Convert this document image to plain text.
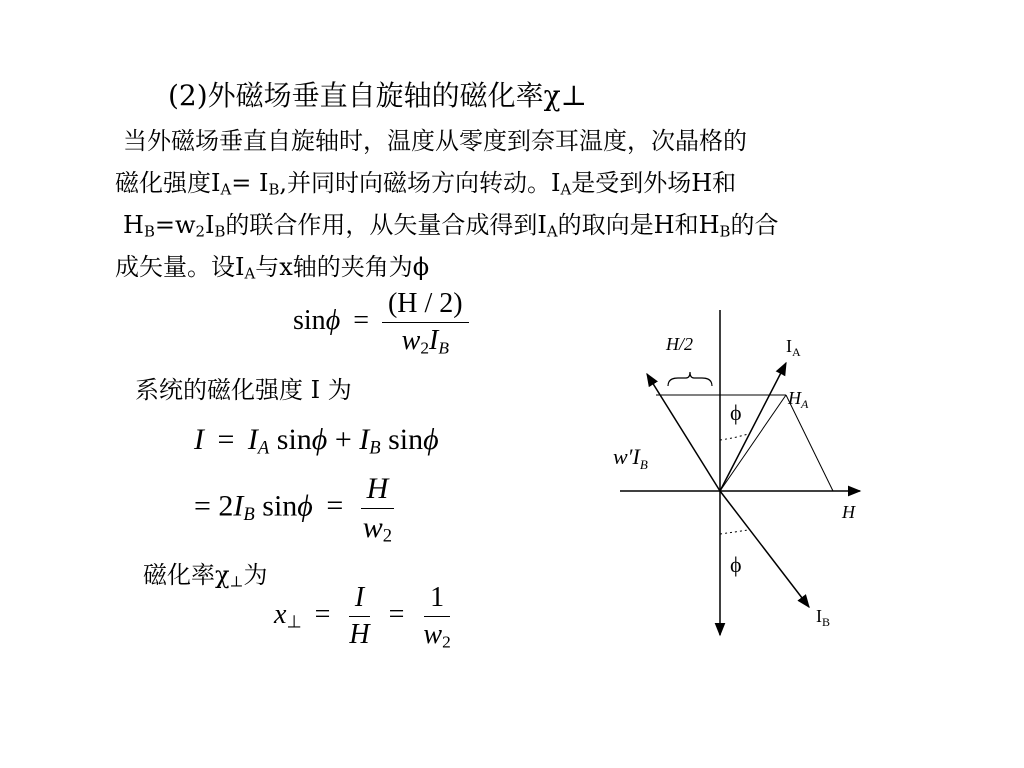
(2)外磁场垂直自旋轴的磁化率χ⊥
当外磁场垂直自旋轴时，温度从零度到奈耳温度，次晶格的
磁化强度$I_A= I_B$,并同时向磁场方向转动。$I_A$是受到外场H和
$H_B=w_2I_B$的联合作用，从矢量合成得到$I_A$的取向是H和$H_B$的合
成矢量。设$I_A$与x轴的夹角为ϕ
$\sin\phi = \frac{(H / 2)}{w_2I_B}$
系统的磁化强度 I 为
$I = I_A$ $\sin\phi + I_B$ sinϕ
= $2I_B$ $\sin\phi = \frac{H}{w_2}$
磁化率$\chi_\perp$为
$x_\perp = \frac{I}{H} = \frac{1}{w_2}$
H/2	$I_A$
$H_A$
ϕ
$w'I_B$
H
ϕ
$I_B$
